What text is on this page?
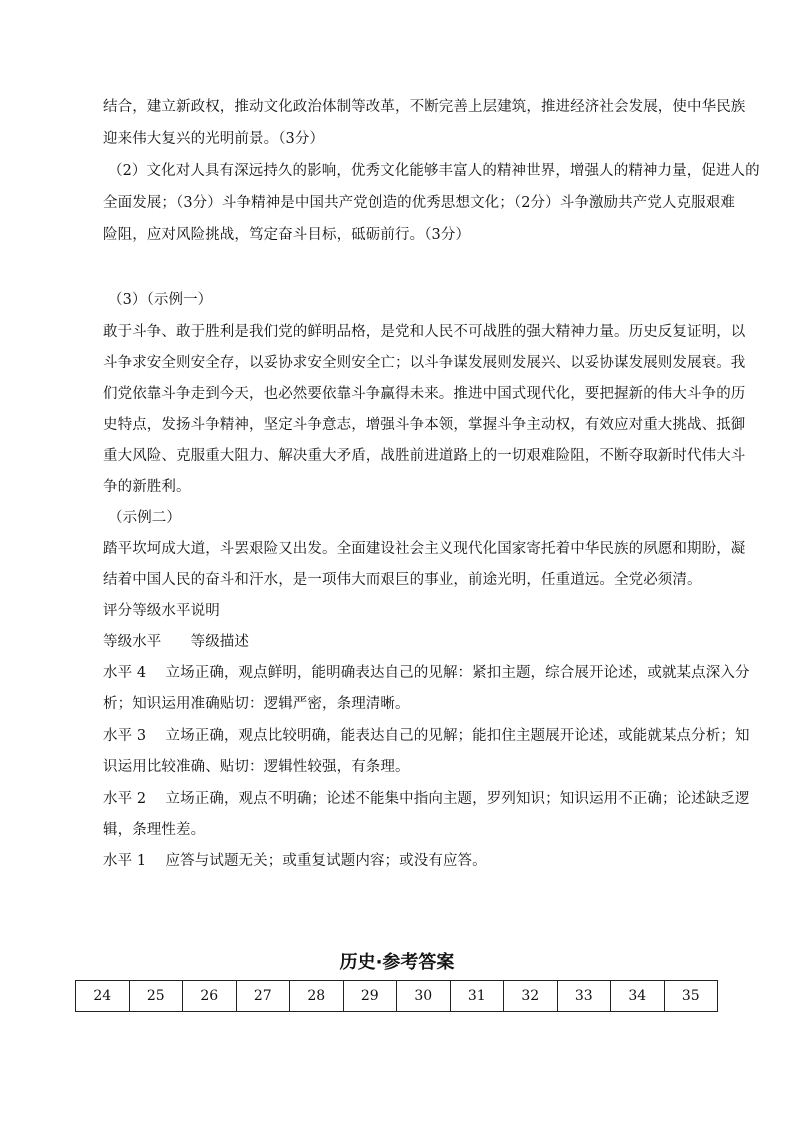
结合，建立新政权，推动文化政治体制等改革，不断完善上层建筑，推进经济社会发展，使中华民族
迎来伟大复兴的光明前景。（3分）
（2）文化对人具有深远持久的影响，优秀文化能够丰富人的精神世界，增强人的精神力量，促进人的
全面发展；（3分）斗争精神是中国共产党创造的优秀思想文化；（2分）斗争激励共产党人克服艰难
险阻，应对风险挑战，笃定奋斗目标，砥砺前行。（3分）
（3）（示例一）
敢于斗争、敢于胜利是我们党的鲜明品格，是党和人民不可战胜的强大精神力量。历史反复证明，以
斗争求安全则安全存，以妥协求安全则安全亡；以斗争谋发展则发展兴、以妥协谋发展则发展衰。我
们党依靠斗争走到今天，也必然要依靠斗争赢得未来。推进中国式现代化，要把握新的伟大斗争的历
史特点，发扬斗争精神，坚定斗争意志，增强斗争本领，掌握斗争主动权，有效应对重大挑战、抵御
重大风险、克服重大阻力、解决重大矛盾，战胜前进道路上的一切艰难险阻，不断夺取新时代伟大斗
争的新胜利。
（示例二）
踏平坎坷成大道，斗罢艰险又出发。全面建设社会主义现代化国家寄托着中华民族的夙愿和期盼，凝
结着中国人民的奋斗和汗水，是一项伟大而艰巨的事业，前途光明，任重道远。全党必须清。
评分等级水平说明
等级水平　　等级描述
水平 4　 立场正确，观点鲜明，能明确表达自己的见解：紧扣主题，综合展开论述，或就某点深入分
析；知识运用准确贴切：逻辑严密，条理清晰。
水平 3　 立场正确，观点比较明确，能表达自己的见解；能扣住主题展开论述，或能就某点分析；知
识运用比较准确、贴切：逻辑性较强，有条理。
水平 2　 立场正确，观点不明确；论述不能集中指向主题，罗列知识；知识运用不正确；论述缺乏逻
辑，条理性差。
水平 1　 应答与试题无关；或重复试题内容；或没有应答。
历史·参考答案
24	25	26	27	28	29	30	31	32	33	34	35
